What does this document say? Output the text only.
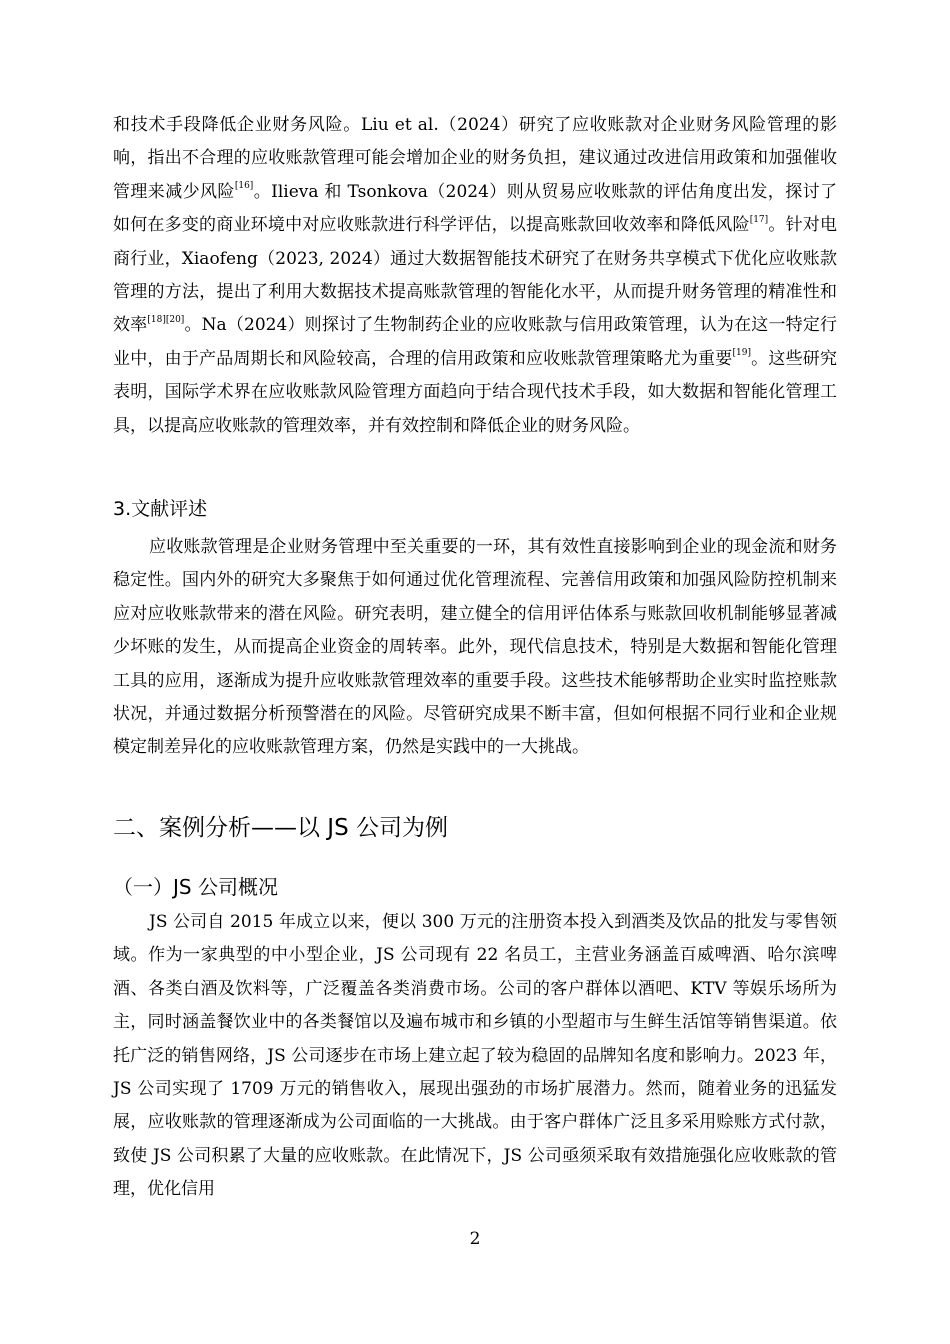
和技术手段降低企业财务风险。Liu et al.（2024）研究了应收账款对企业财务风险管理的影响，指出不合理的应收账款管理可能会增加企业的财务负担，建议通过改进信用政策和加强催收管理来减少风险[16]。Ilieva 和 Tsonkova（2024）则从贸易应收账款的评估角度出发，探讨了如何在多变的商业环境中对应收账款进行科学评估，以提高账款回收效率和降低风险[17]。针对电商行业，Xiaofeng（2023, 2024）通过大数据智能技术研究了在财务共享模式下优化应收账款管理的方法，提出了利用大数据技术提高账款管理的智能化水平，从而提升财务管理的精准性和效率[18][20]。Na（2024）则探讨了生物制药企业的应收账款与信用政策管理，认为在这一特定行业中，由于产品周期长和风险较高，合理的信用政策和应收账款管理策略尤为重要[19]。这些研究表明，国际学术界在应收账款风险管理方面趋向于结合现代技术手段，如大数据和智能化管理工具，以提高应收账款的管理效率，并有效控制和降低企业的财务风险。

3.文献评述

应收账款管理是企业财务管理中至关重要的一环，其有效性直接影响到企业的现金流和财务稳定性。国内外的研究大多聚焦于如何通过优化管理流程、完善信用政策和加强风险防控机制来应对应收账款带来的潜在风险。研究表明，建立健全的信用评估体系与账款回收机制能够显著减少坏账的发生，从而提高企业资金的周转率。此外，现代信息技术，特别是大数据和智能化管理工具的应用，逐渐成为提升应收账款管理效率的重要手段。这些技术能够帮助企业实时监控账款状况，并通过数据分析预警潜在的风险。尽管研究成果不断丰富，但如何根据不同行业和企业规模定制差异化的应收账款管理方案，仍然是实践中的一大挑战。

二、案例分析——以 JS 公司为例
（一）JS 公司概况

JS 公司自 2015 年成立以来，便以 300 万元的注册资本投入到酒类及饮品的批发与零售领域。作为一家典型的中小型企业，JS 公司现有 22 名员工，主营业务涵盖百威啤酒、哈尔滨啤酒、各类白酒及饮料等，广泛覆盖各类消费市场。公司的客户群体以酒吧、KTV 等娱乐场所为主，同时涵盖餐饮业中的各类餐馆以及遍布城市和乡镇的小型超市与生鲜生活馆等销售渠道。依托广泛的销售网络，JS 公司逐步在市场上建立起了较为稳固的品牌知名度和影响力。2023 年，JS 公司实现了 1709 万元的销售收入，展现出强劲的市场扩展潜力。然而，随着业务的迅猛发展，应收账款的管理逐渐成为公司面临的一大挑战。由于客户群体广泛且多采用赊账方式付款，致使 JS 公司积累了大量的应收账款。在此情况下，JS 公司亟须采取有效措施强化应收账款的管理，优化信用

2
